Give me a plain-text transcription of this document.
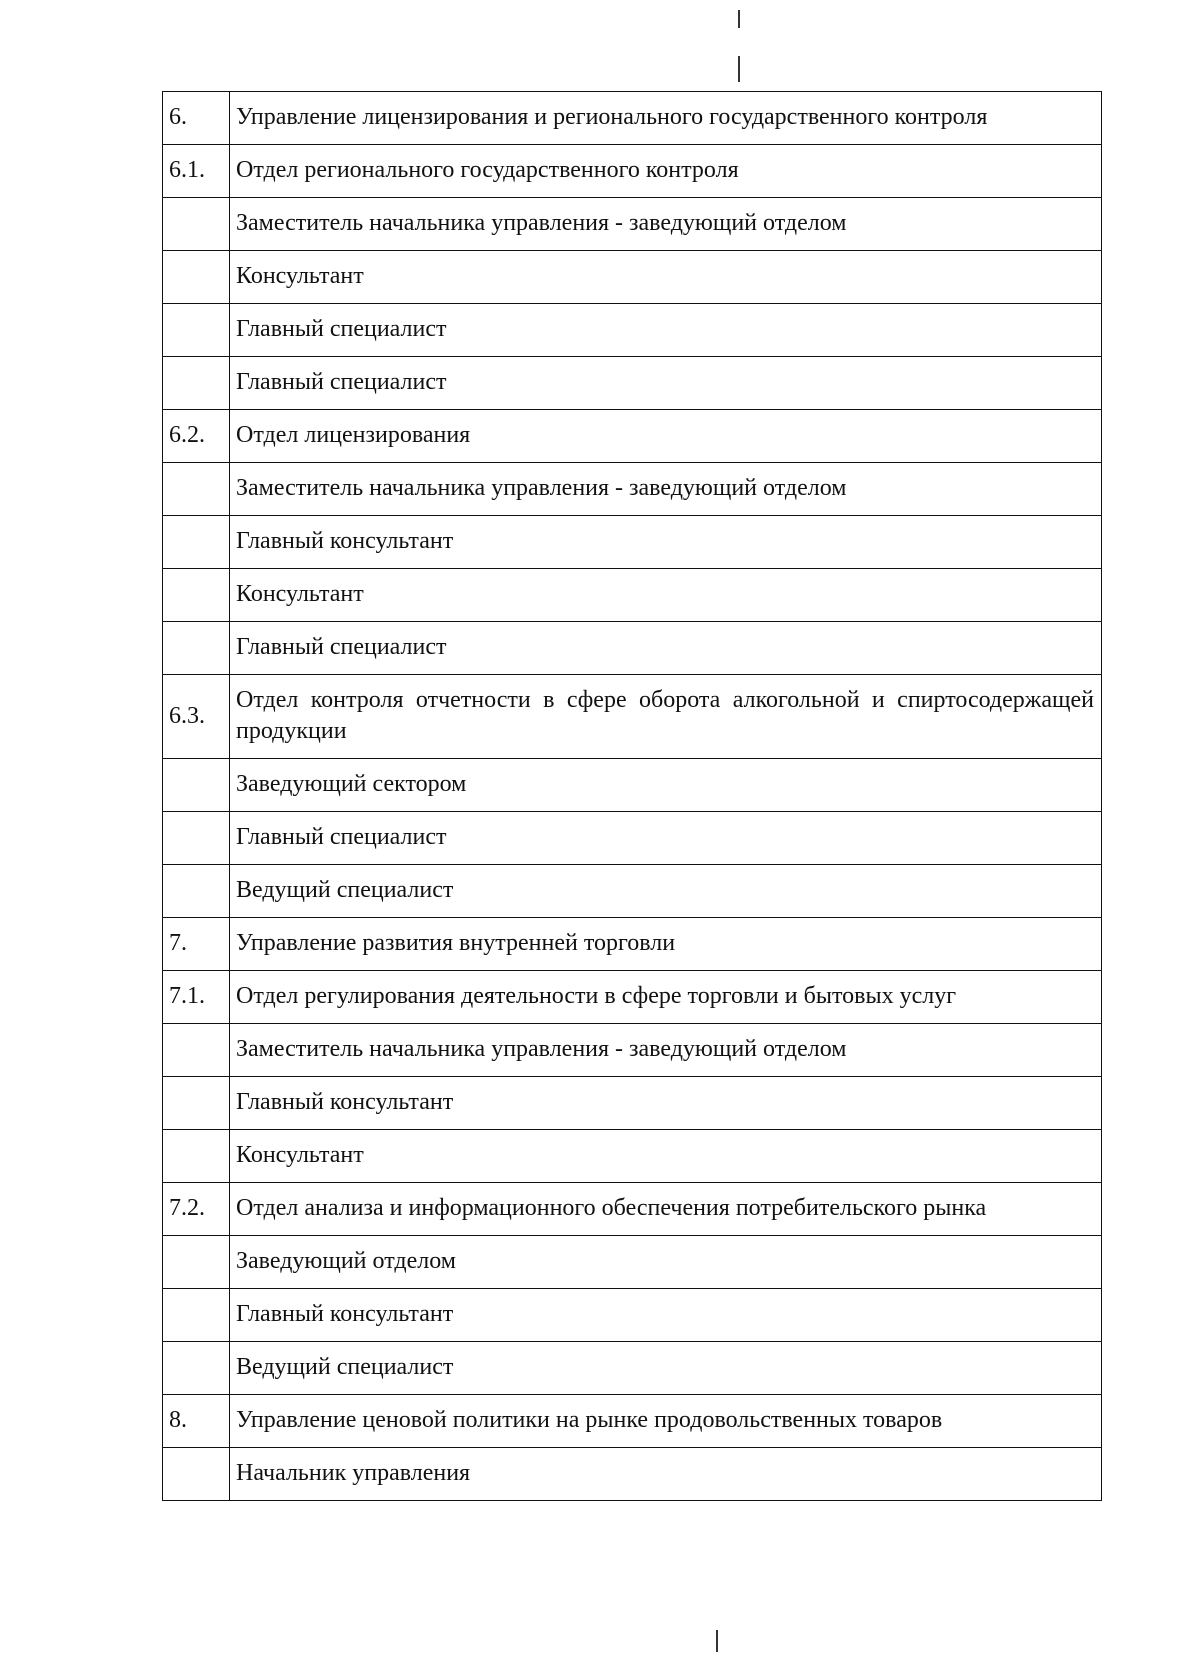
6.	Управление лицензирования и регионального государственного контроля
6.1.	Отдел регионального государственного контроля
	Заместитель начальника управления - заведующий отделом
	Консультант
	Главный специалист
	Главный специалист
6.2.	Отдел лицензирования
	Заместитель начальника управления - заведующий отделом
	Главный консультант
	Консультант
	Главный специалист
6.3.	Отдел контроля отчетности в сфере оборота алкогольной и спиртосодержащей продукции
	Заведующий сектором
	Главный специалист
	Ведущий специалист
7.	Управление развития внутренней торговли
7.1.	Отдел регулирования деятельности в сфере торговли и бытовых услуг
	Заместитель начальника управления - заведующий отделом
	Главный консультант
	Консультант
7.2.	Отдел анализа и информационного обеспечения потребительского рынка
	Заведующий отделом
	Главный консультант
	Ведущий специалист
8.	Управление ценовой политики на рынке продовольственных товаров
	Начальник управления
